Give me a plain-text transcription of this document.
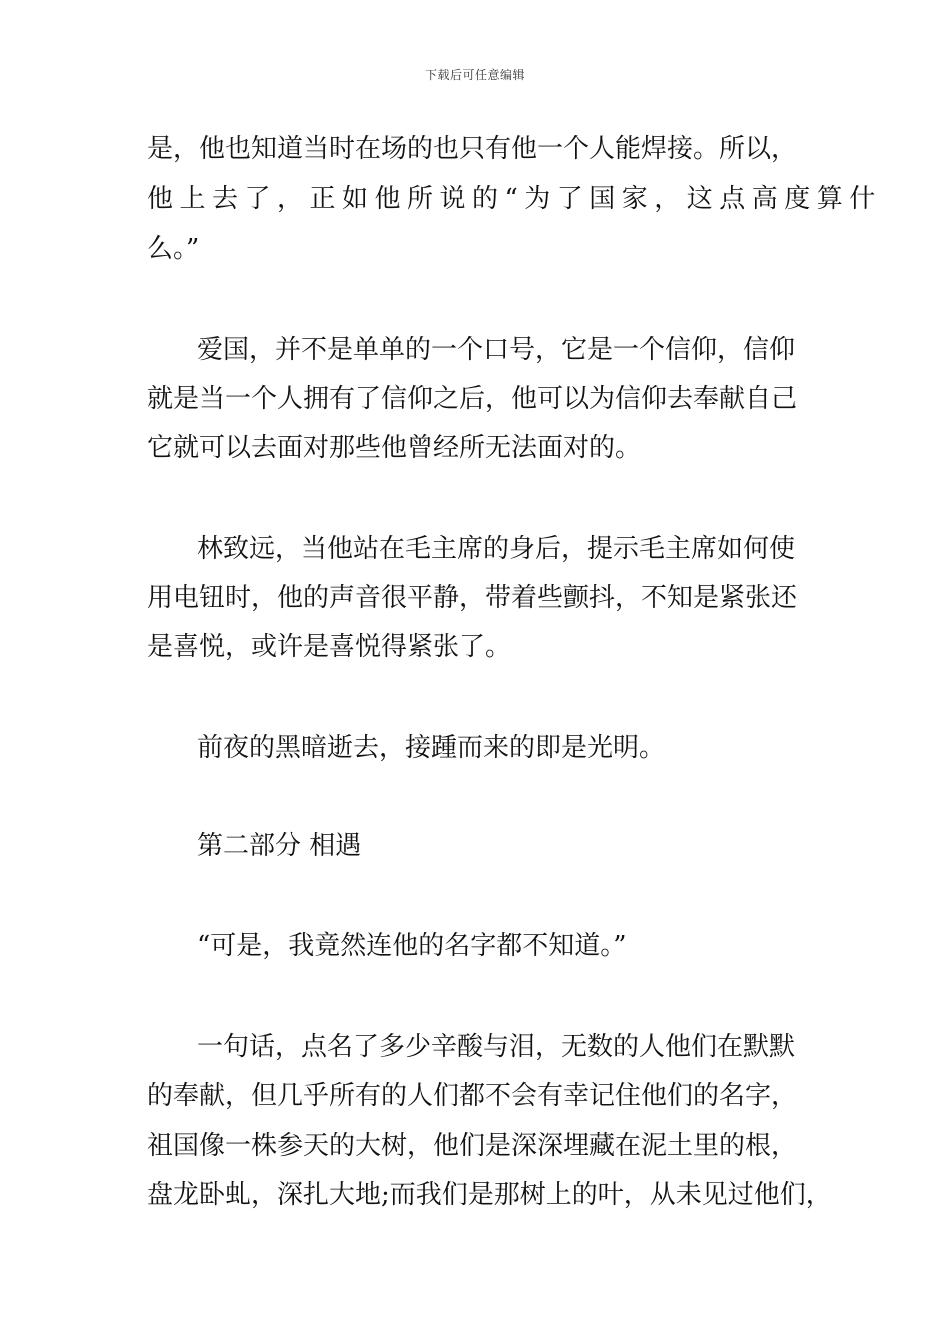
下载后可任意编辑
是，他也知道当时在场的也只有他一个人能焊接。所以，
他上去了，正如他所说的“为了国家，这点高度算什
么。”
爱国，并不是单单的一个口号，它是一个信仰，信仰
就是当一个人拥有了信仰之后，他可以为信仰去奉献自己
它就可以去面对那些他曾经所无法面对的。
林致远，当他站在毛主席的身后，提示毛主席如何使
用电钮时，他的声音很平静，带着些颤抖，不知是紧张还
是喜悦，或许是喜悦得紧张了。
前夜的黑暗逝去，接踵而来的即是光明。
第二部分 相遇
“可是，我竟然连他的名字都不知道。”
一句话，点名了多少辛酸与泪，无数的人他们在默默
的奉献，但几乎所有的人们都不会有幸记住他们的名字，
祖国像一株参天的大树，他们是深深埋藏在泥土里的根，
盘龙卧虬，深扎大地;而我们是那树上的叶，从未见过他们，
